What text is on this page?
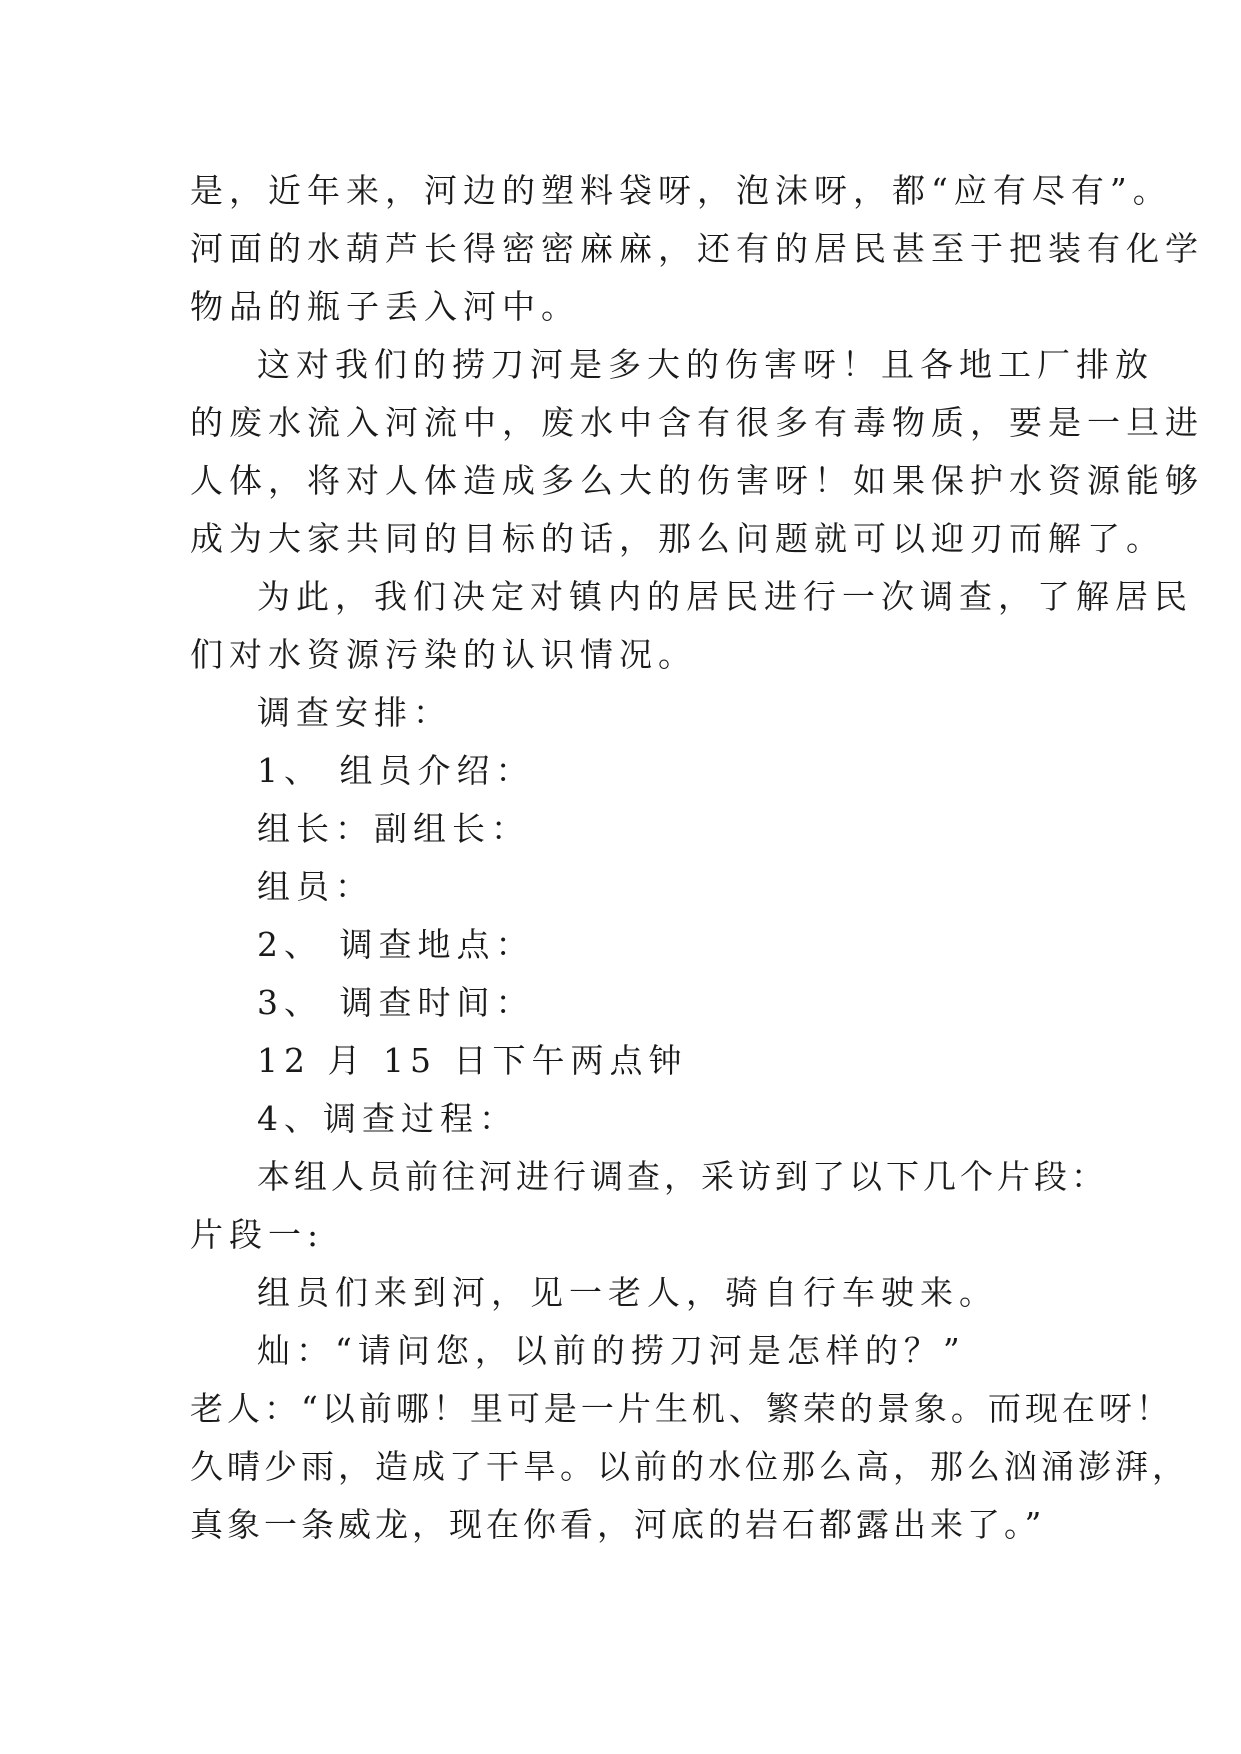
是，近年来，河边的塑料袋呀，泡沫呀，都“应有尽有”。

河面的水葫芦长得密密麻麻，还有的居民甚至于把装有化学

物品的瓶子丢入河中。

这对我们的捞刀河是多大的伤害呀！且各地工厂排放

的废水流入河流中，废水中含有很多有毒物质，要是一旦进

人体，将对人体造成多么大的伤害呀！如果保护水资源能够

成为大家共同的目标的话，那么问题就可以迎刃而解了。

为此，我们决定对镇内的居民进行一次调查，了解居民

们对水资源污染的认识情况。

调查安排：

1、 组员介绍：

组长：副组长：

组员：

2、 调查地点：

3、 调查时间：

12 月 15 日下午两点钟

4、调查过程：

本组人员前往河进行调查，采访到了以下几个片段：

片段一:

组员们来到河，见一老人，骑自行车驶来。

灿：“请问您，以前的捞刀河是怎样的？”

老人：“以前哪！里可是一片生机、繁荣的景象。而现在呀！

久晴少雨，造成了干旱。以前的水位那么高，那么汹涌澎湃，

真象一条威龙，现在你看，河底的岩石都露出来了。”
